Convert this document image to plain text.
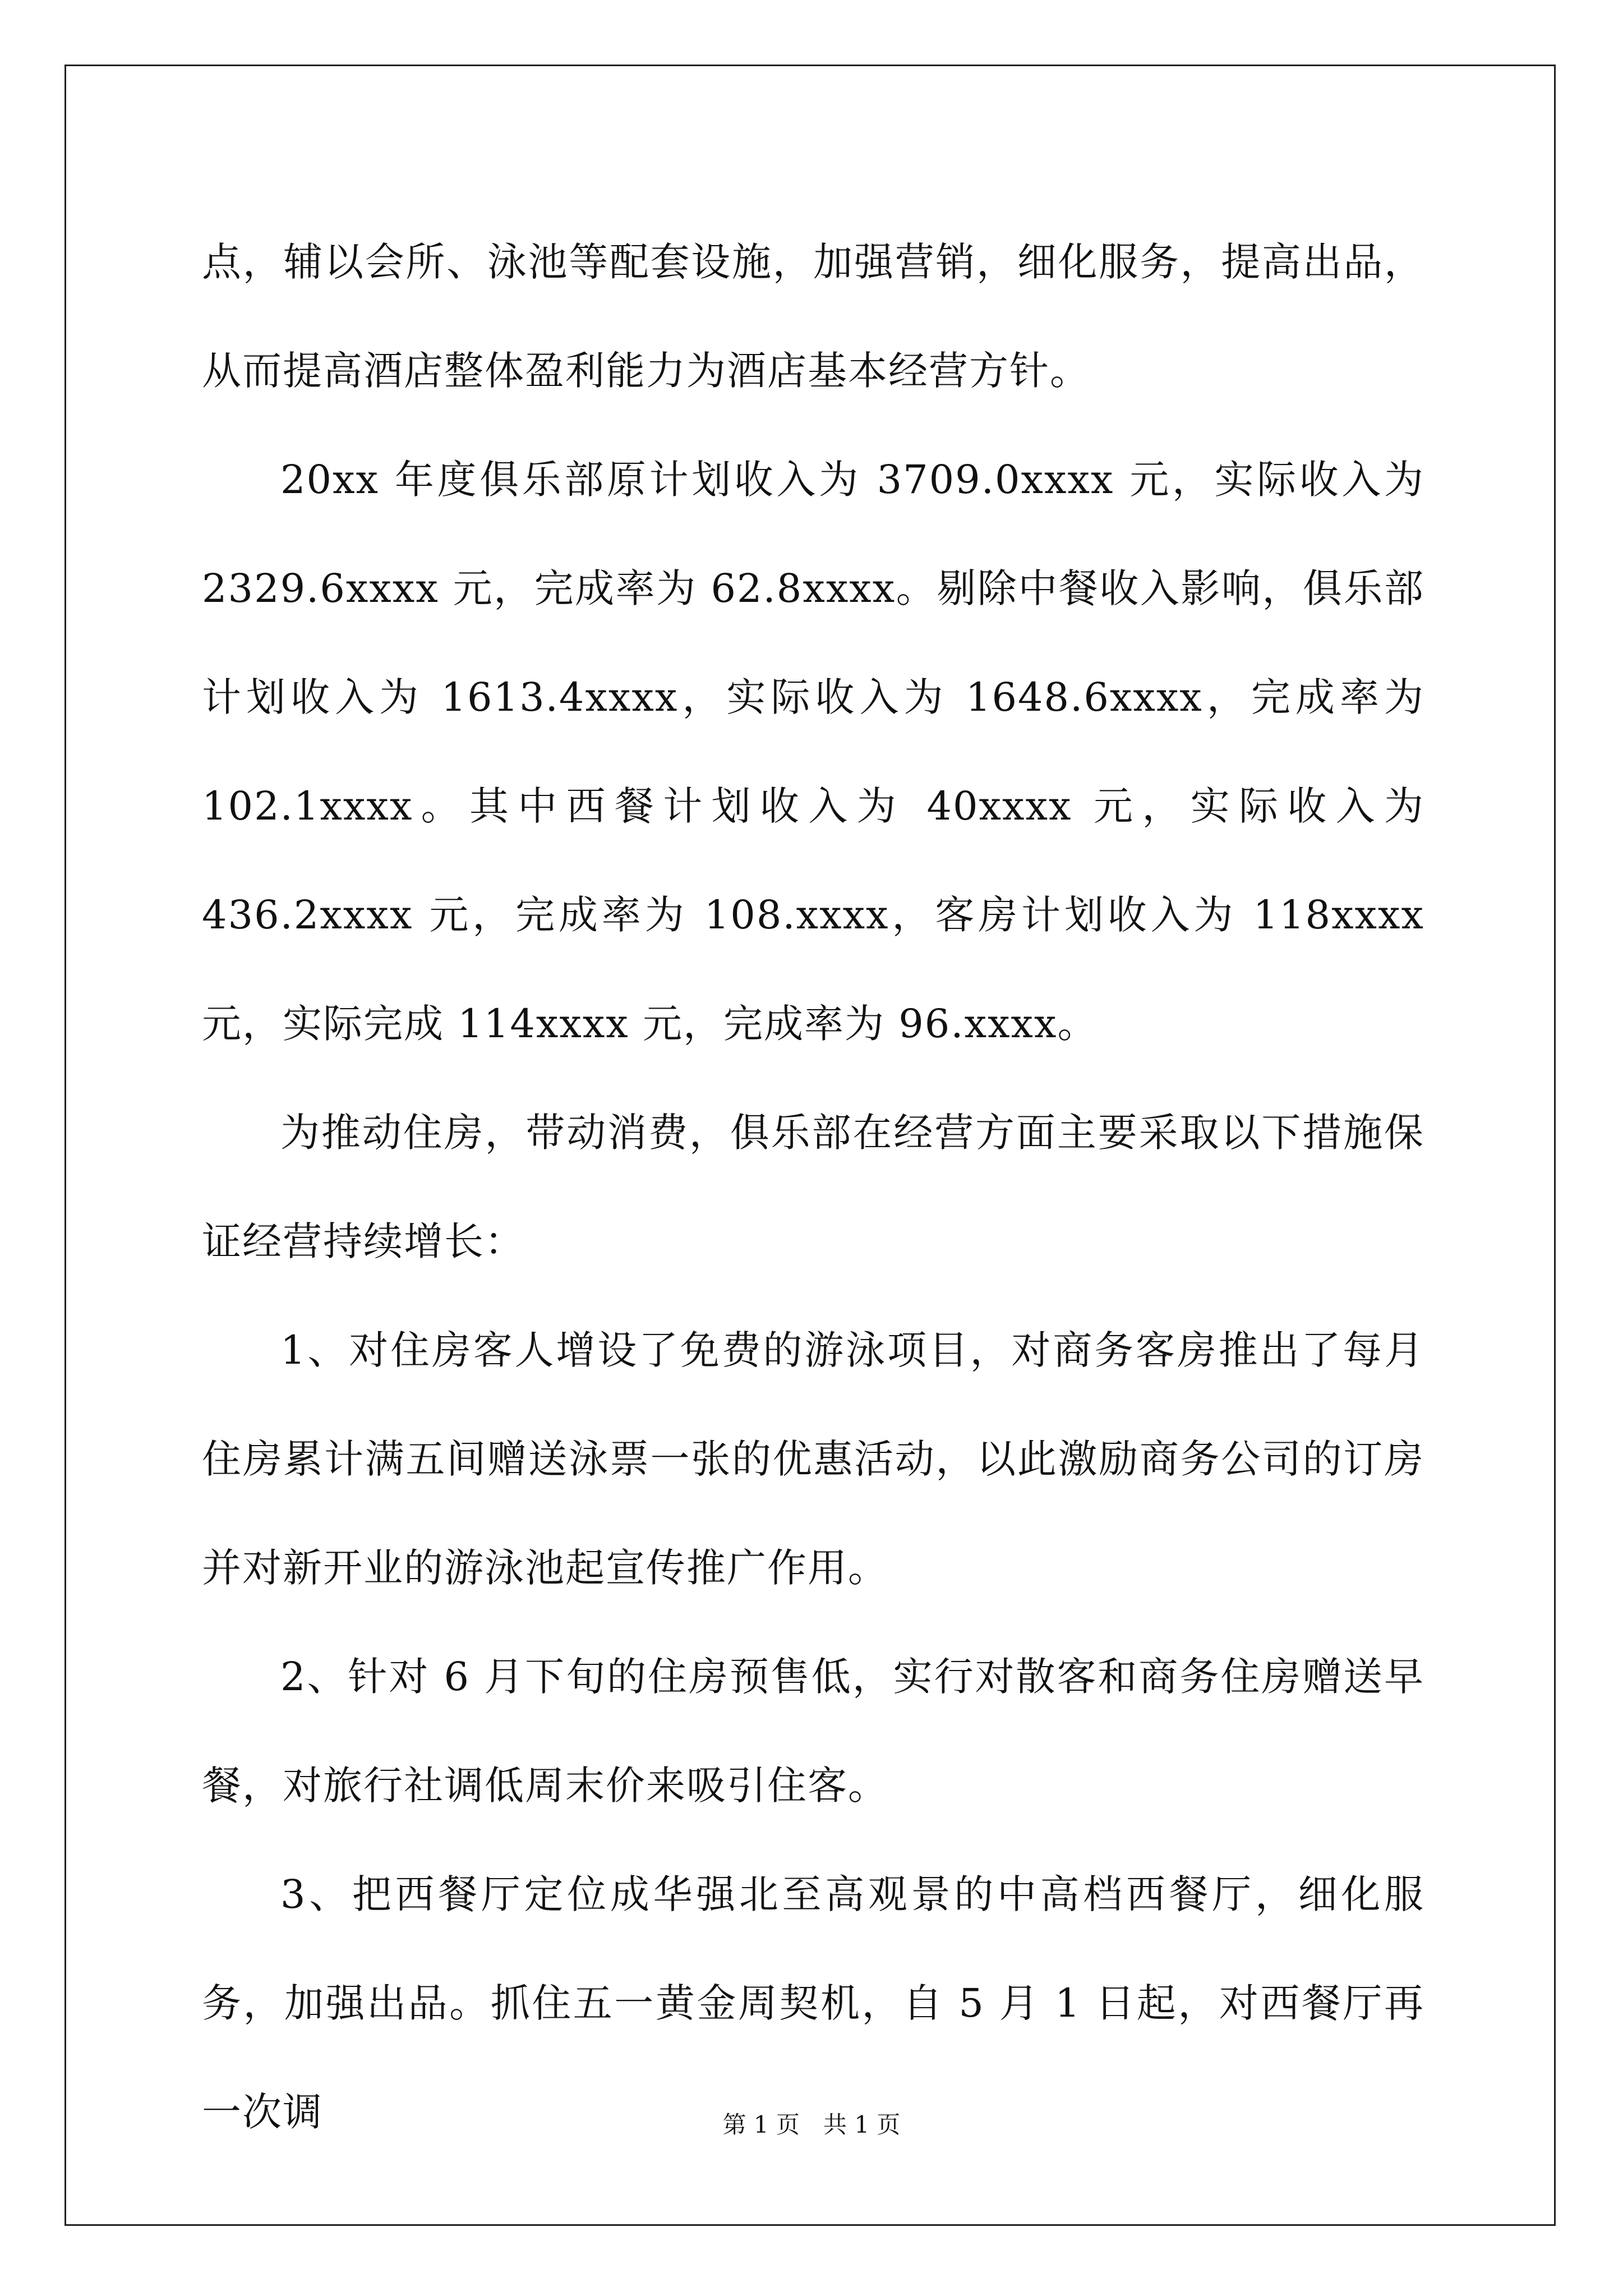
点，辅以会所、泳池等配套设施，加强营销，细化服务，提高出品，从而提高酒店整体盈利能力为酒店基本经营方针。

20xx 年度俱乐部原计划收入为 3709.0xxxx 元，实际收入为 2329.6xxxx 元，完成率为 62.8xxxx。剔除中餐收入影响，俱乐部计划收入为 1613.4xxxx，实际收入为 1648.6xxxx，完成率为 102.1xxxx。其中西餐计划收入为 40xxxx 元，实际收入为 436.2xxxx 元，完成率为 108.xxxx，客房计划收入为 118xxxx 元，实际完成 114xxxx 元，完成率为 96.xxxx。

为推动住房，带动消费，俱乐部在经营方面主要采取以下措施保证经营持续增长：

1、对住房客人增设了免费的游泳项目，对商务客房推出了每月住房累计满五间赠送泳票一张的优惠活动，以此激励商务公司的订房并对新开业的游泳池起宣传推广作用。

2、针对 6 月下旬的住房预售低，实行对散客和商务住房赠送早餐，对旅行社调低周末价来吸引住客。

3、把西餐厅定位成华强北至高观景的中高档西餐厅，细化服务，加强出品。抓住五一黄金周契机，自 5 月 1 日起，对西餐厅再一次调	第 1 页　共 1 页
